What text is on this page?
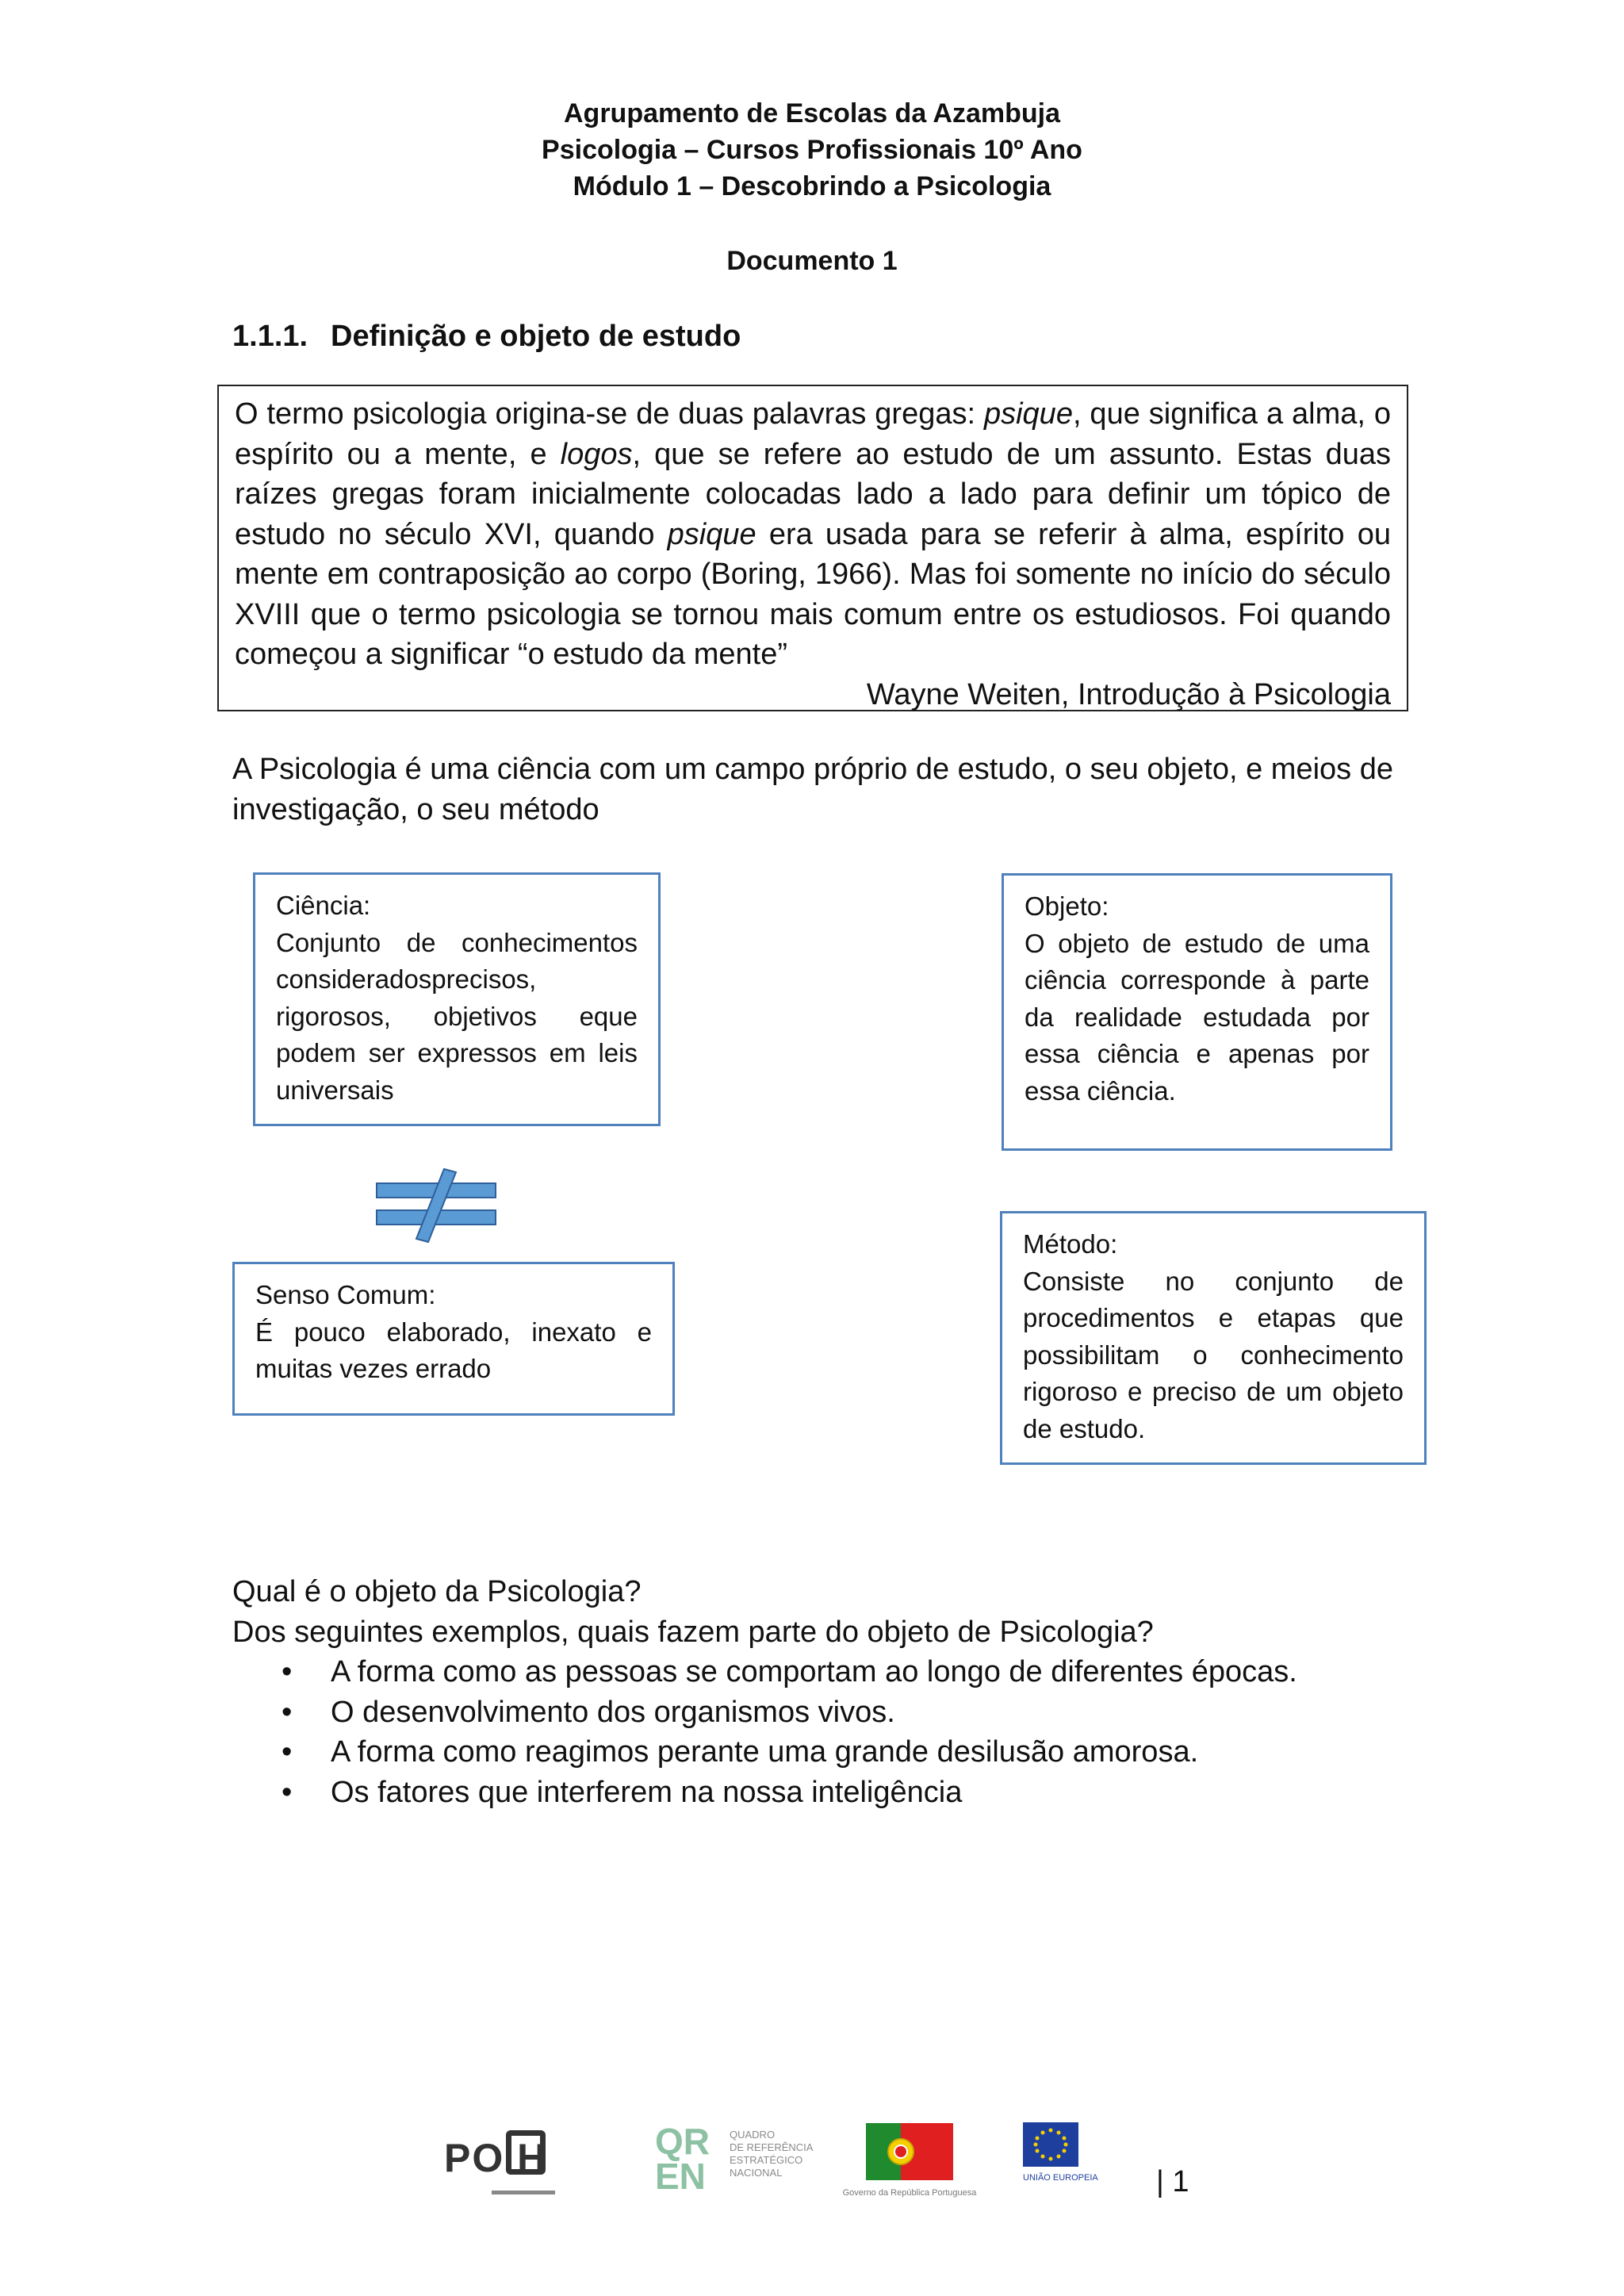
Agrupamento de Escolas da Azambuja
Psicologia – Cursos Profissionais 10º Ano
Módulo 1 – Descobrindo a Psicologia
Documento 1
1.1.1. Definição e objeto de estudo
O termo psicologia origina-se de duas palavras gregas: psique, que significa a alma, o espírito ou a mente, e logos, que se refere ao estudo de um assunto. Estas duas raízes gregas foram inicialmente colocadas lado a lado para definir um tópico de estudo no século XVI, quando psique era usada para se referir à alma, espírito ou mente em contraposição ao corpo (Boring, 1966). Mas foi somente no início do século XVIII que o termo psicologia se tornou mais comum entre os estudiosos. Foi quando começou a significar “o estudo da mente”
Wayne Weiten, Introdução à Psicologia
A Psicologia é uma ciência com um campo próprio de estudo, o seu objeto, e meios de investigação, o seu método
Ciência:
Conjunto de conhecimentos consideradosprecisos, rigorosos, objetivos eque podem ser expressos em leis universais
Objeto:
O objeto de estudo de uma ciência corresponde à parte da realidade estudada por essa ciência e apenas por essa ciência.
Senso Comum:
É pouco elaborado, inexato e muitas vezes errado
Método:
Consiste no conjunto de procedimentos e etapas que possibilitam o conhecimento rigoroso e preciso de um objeto de estudo.
Qual é o objeto da Psicologia?
Dos seguintes exemplos, quais fazem parte do objeto de Psicologia?
• A forma como as pessoas se comportam ao longo de diferentes épocas.
• O desenvolvimento dos organismos vivos.
• A forma como reagimos perante uma grande desilusão amorosa.
• Os fatores que interferem na nossa inteligência
PO H	QR EN
QUADRO
DE REFERÊNCIA
ESTRATÉGICO
NACIONAL
Governo da República Portuguesa
UNIÃO EUROPEIA | 1
